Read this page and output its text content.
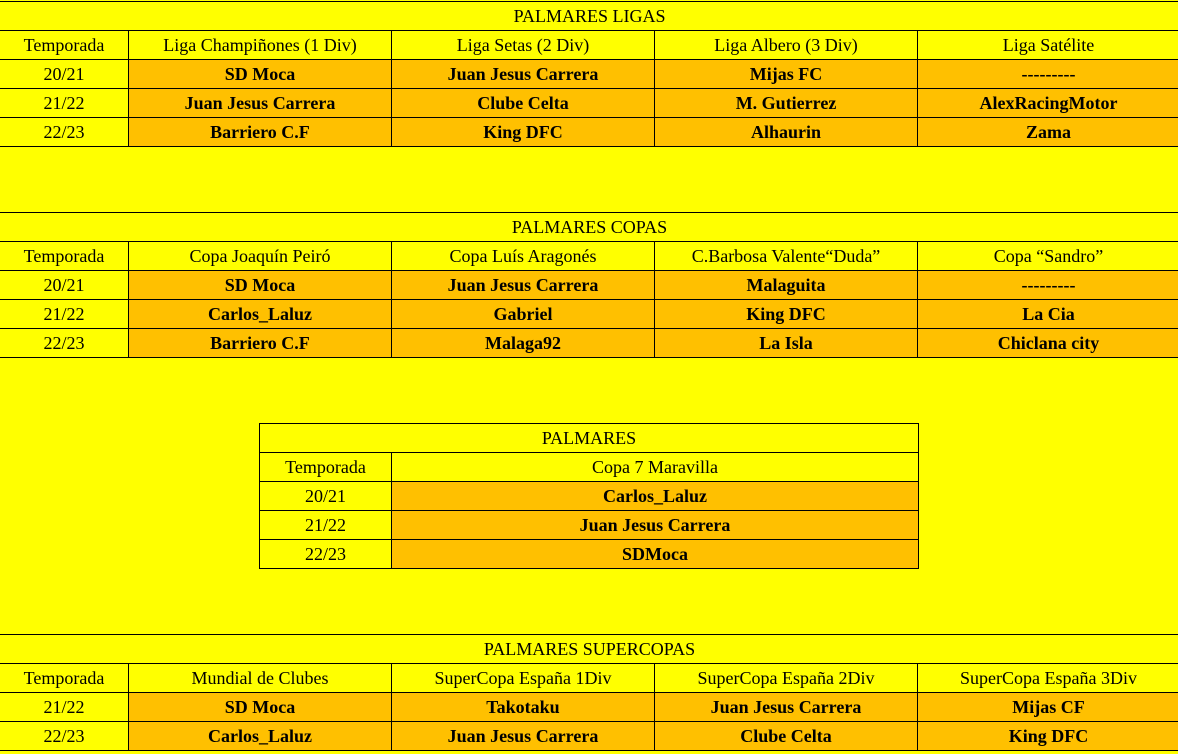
PALMARES LIGAS				
Temporada	Liga Champiñones (1 Div)	Liga Setas (2 Div)	Liga Albero (3 Div)	Liga Satélite
20/21	SD Moca	Juan Jesus Carrera	Mijas FC	---------
21/22	Juan Jesus Carrera	Clube Celta	M. Gutierrez	AlexRacingMotor
22/23	Barriero C.F	King DFC	Alhaurin	Zama
PALMARES COPAS				
Temporada	Copa Joaquín Peiró	Copa Luís Aragonés	C.Barbosa Valente“Duda”	Copa “Sandro”
20/21	SD Moca	Juan Jesus Carrera	Malaguita	---------
21/22	Carlos_Laluz	Gabriel	King DFC	La Cia
22/23	Barriero C.F	Malaga92	La Isla	Chiclana city
PALMARES	
Temporada	Copa 7 Maravilla
20/21	Carlos_Laluz
21/22	Juan Jesus Carrera
22/23	SDMoca
PALMARES SUPERCOPAS				
Temporada	Mundial de Clubes	SuperCopa España 1Div	SuperCopa España 2Div	SuperCopa España 3Div
21/22	SD Moca	Takotaku	Juan Jesus Carrera	Mijas CF
22/23	Carlos_Laluz	Juan Jesus Carrera	Clube Celta	King DFC
